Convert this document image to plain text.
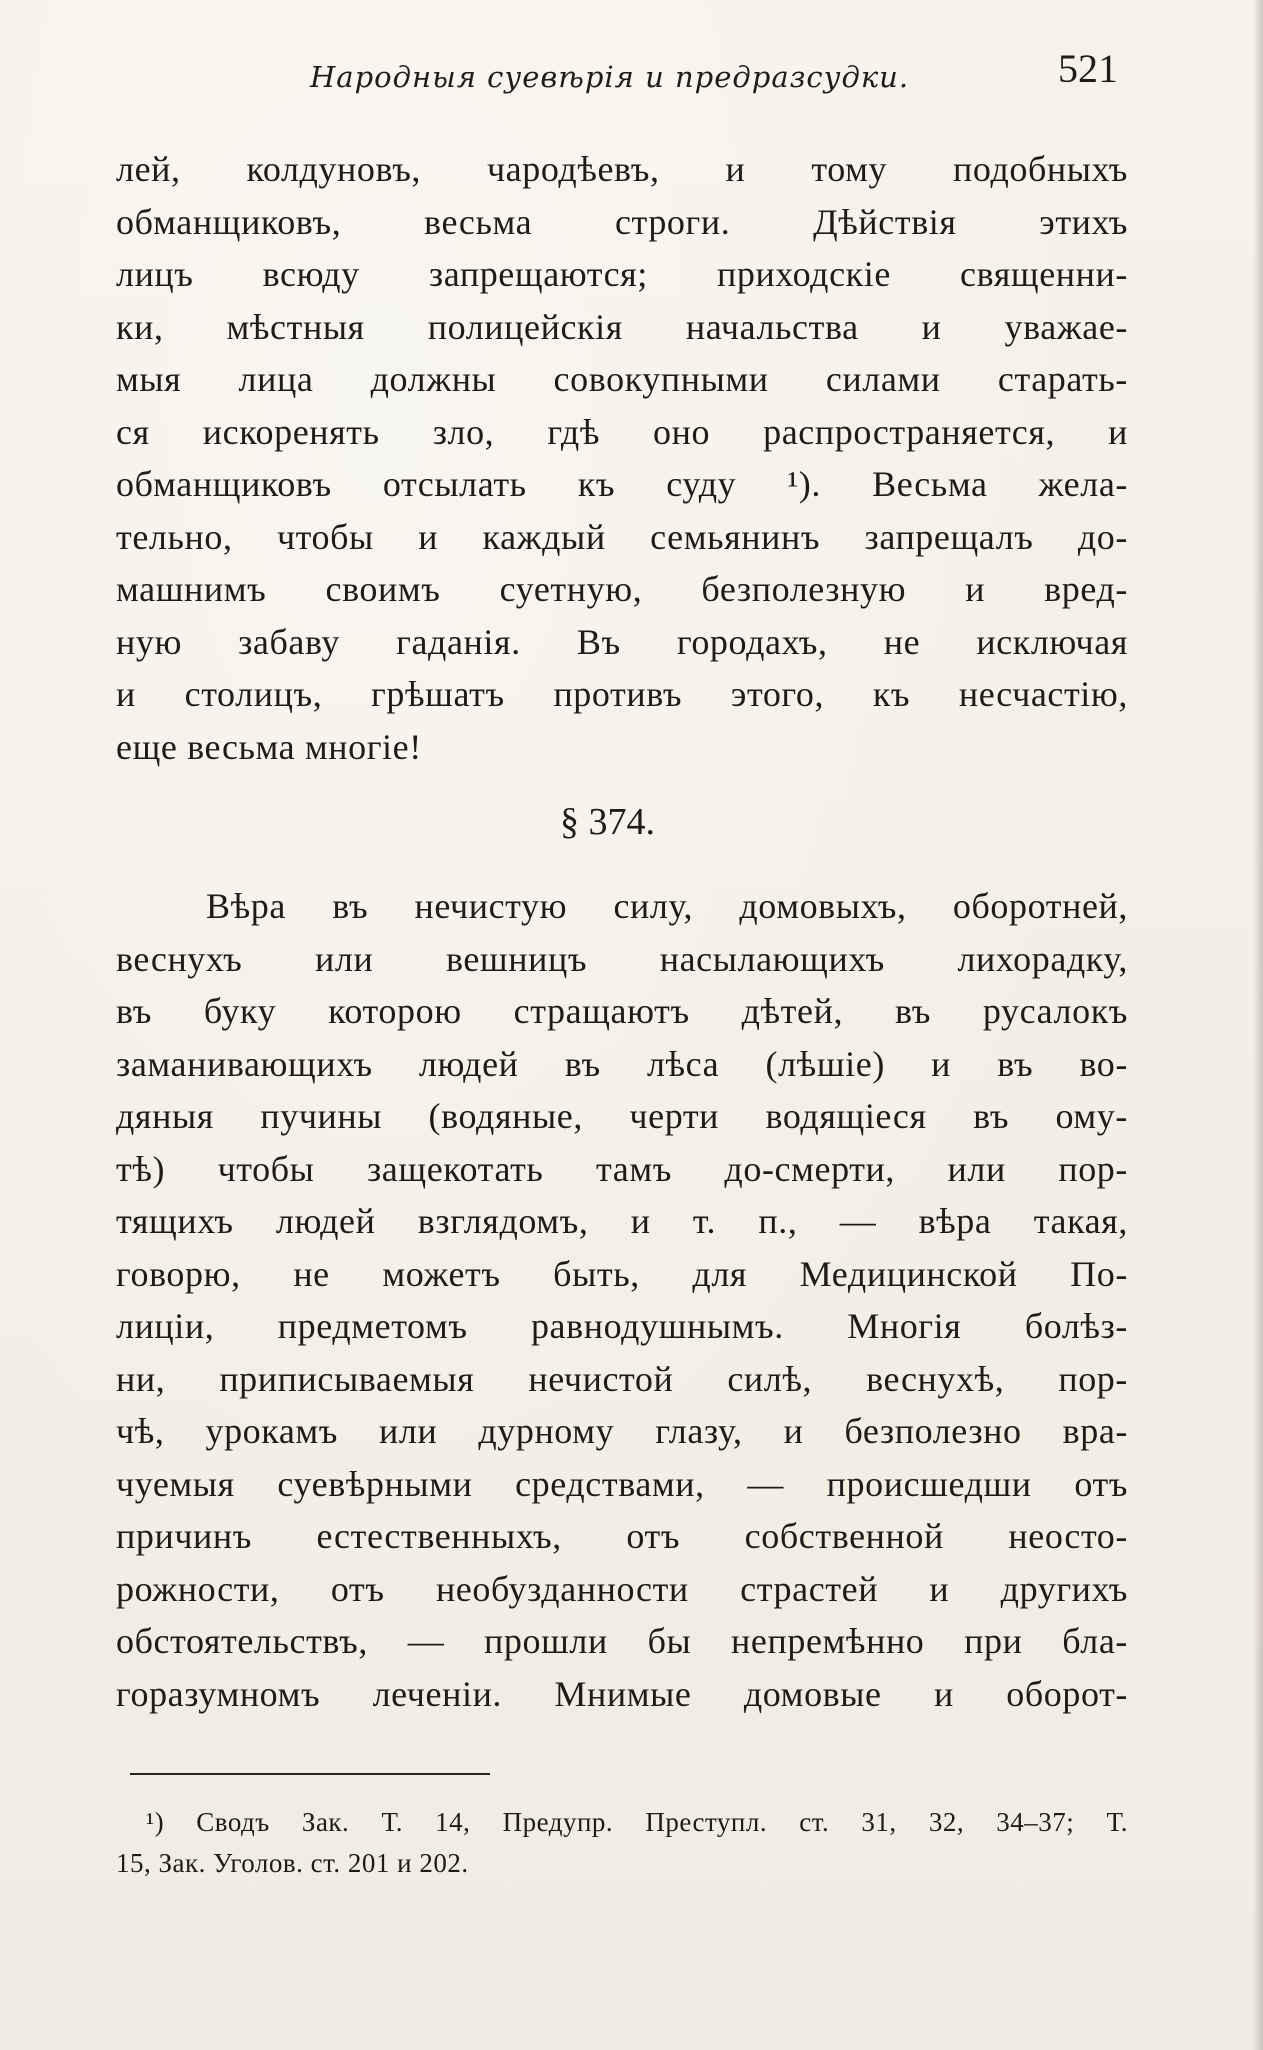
Народныя суевѣрія и предразсудки.	521
лей, колдуновъ, чародѣевъ, и тому подобныхъ
обманщиковъ, весьма строги. Дѣйствія этихъ
лицъ всюду запрещаются; приходскіе священни-
ки, мѣстныя полицейскія начальства и уважае-
мыя лица должны совокупными силами старать-
ся искоренять зло, гдѣ оно распространяется, и
обманщиковъ отсылать къ суду ¹). Весьма жела-
тельно, чтобы и каждый семьянинъ запрещалъ до-
машнимъ своимъ суетную, безполезную и вред-
ную забаву гаданія. Въ городахъ, не исключая
и столицъ, грѣшатъ противъ этого, къ несчастію,
еще весьма многіе!
§ 374.
Вѣра въ нечистую силу, домовыхъ, оборотней,
веснухъ или вешницъ насылающихъ лихорадку,
въ буку которою стращаютъ дѣтей, въ русалокъ
заманивающихъ людей въ лѣса (лѣшіе) и въ во-
дяныя пучины (водяные, черти водящіеся въ ому-
тѣ) чтобы защекотать тамъ до-смерти, или пор-
тящихъ людей взглядомъ, и т. п., — вѣра такая,
говорю, не можетъ быть, для Медицинской По-
лиціи, предметомъ равнодушнымъ. Многія болѣз-
ни, приписываемыя нечистой силѣ, веснухѣ, пор-
чѣ, урокамъ или дурному глазу, и безполезно вра-
чуемыя суевѣрными средствами, — происшедши отъ
причинъ естественныхъ, отъ собственной неосто-
рожности, отъ необузданности страстей и другихъ
обстоятельствъ, — прошли бы непремѣнно при бла-
горазумномъ леченіи. Мнимые домовые и оборот-
¹) Сводъ Зак. Т. 14, Предупр. Преступл. ст. 31, 32, 34–37; Т.
15, Зак. Уголов. ст. 201 и 202.
